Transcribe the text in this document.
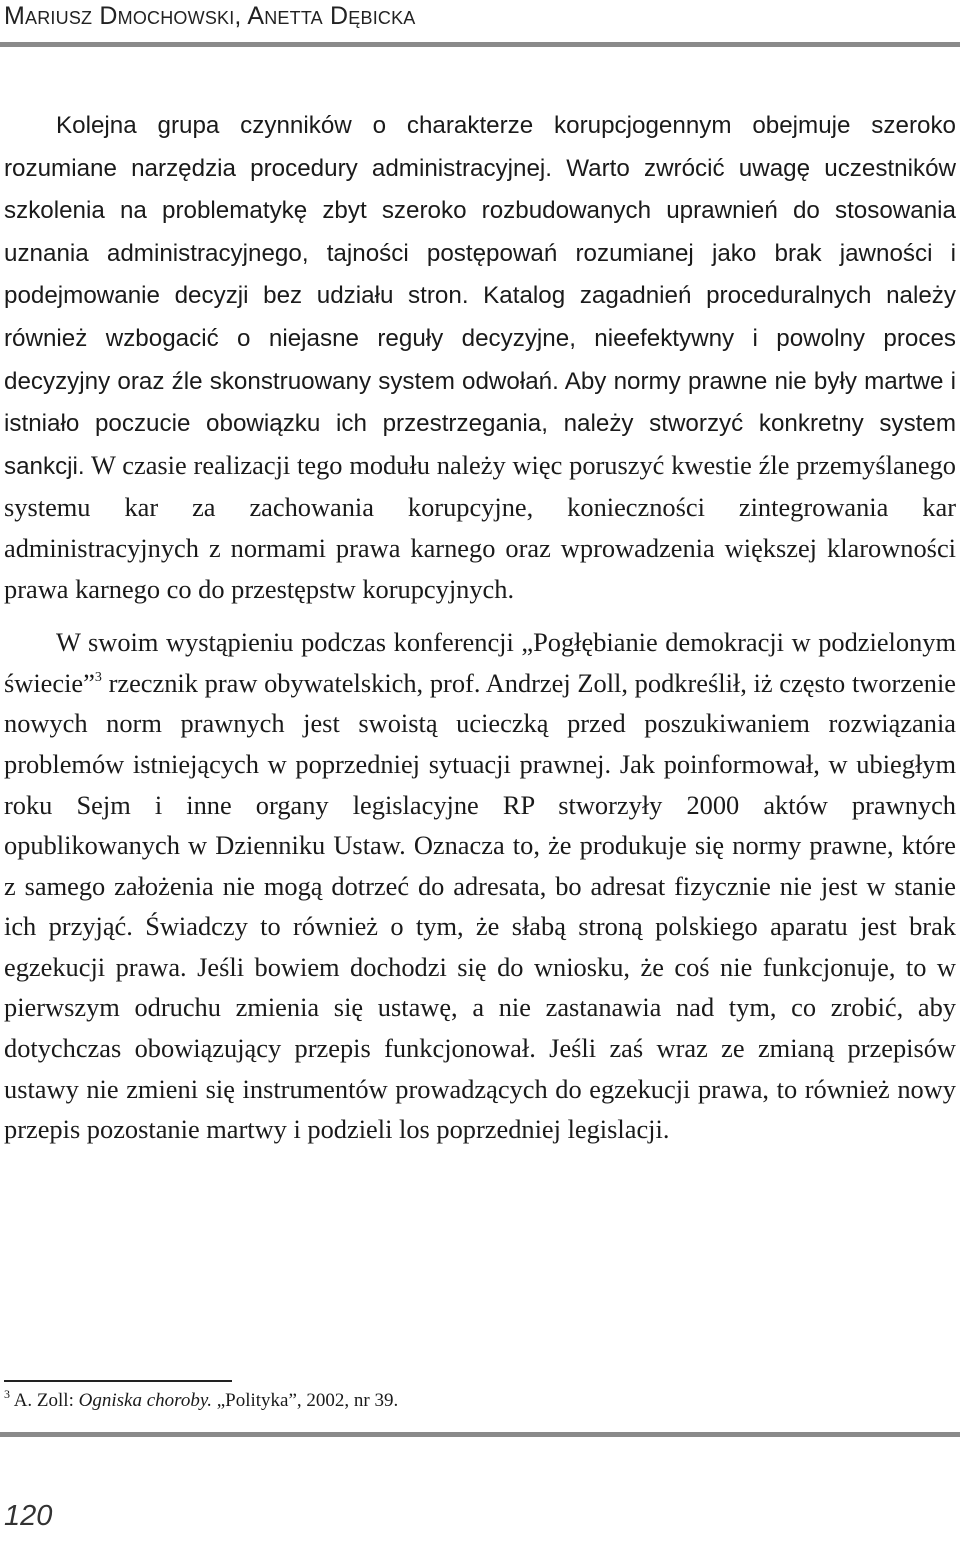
Mariusz Dmochowski, Anetta Dębicka

Kolejna grupa czynników o charakterze korupcjogennym obejmuje szeroko rozumiane narzędzia procedury administracyjnej. Warto zwrócić uwagę uczestników szkolenia na problematykę zbyt szeroko rozbudowanych uprawnień do stosowania uznania administracyjnego, tajności postępowań rozumianej jako brak jawności i podejmowanie decyzji bez udziału stron. Katalog zagadnień proceduralnych należy również wzbogacić o niejasne reguły decyzyjne, nieefektywny i powolny proces decyzyjny oraz źle skonstruowany system odwołań. Aby normy prawne nie były martwe i istniało poczucie obowiązku ich przestrzegania, należy stworzyć konkretny system sankcji. W czasie realizacji tego modułu należy więc poruszyć kwestie źle przemyślanego systemu kar za zachowania korupcyjne, konieczności zintegrowania kar administracyjnych z normami prawa karnego oraz wprowadzenia większej klarowności prawa karnego co do przestępstw korupcyjnych.

W swoim wystąpieniu podczas konferencji „Pogłębianie demokracji w podzielonym świecie”$^3$ rzecznik praw obywatelskich, prof. Andrzej Zoll, podkreślił, iż często tworzenie nowych norm prawnych jest swoistą ucieczką przed poszukiwaniem rozwiązania problemów istniejących w poprzedniej sytuacji prawnej. Jak poinformował, w ubiegłym roku Sejm i inne organy legislacyjne RP stworzyły 2000 aktów prawnych opublikowanych w Dzienniku Ustaw. Oznacza to, że produkuje się normy prawne, które z samego założenia nie mogą dotrzeć do adresata, bo adresat fizycznie nie jest w stanie ich przyjąć. Świadczy to również o tym, że słabą stroną polskiego aparatu jest brak egzekucji prawa. Jeśli bowiem dochodzi się do wniosku, że coś nie funkcjonuje, to w pierwszym odruchu zmienia się ustawę, a nie zastanawia nad tym, co zrobić, aby dotychczas obowiązujący przepis funkcjonował. Jeśli zaś wraz ze zmianą przepisów ustawy nie zmieni się instrumentów prowadzących do egzekucji prawa, to również nowy przepis pozostanie martwy i podzieli los poprzedniej legislacji.

$^3$ A. Zoll: Ogniska choroby. „Polityka”, 2002, nr 39.
120
